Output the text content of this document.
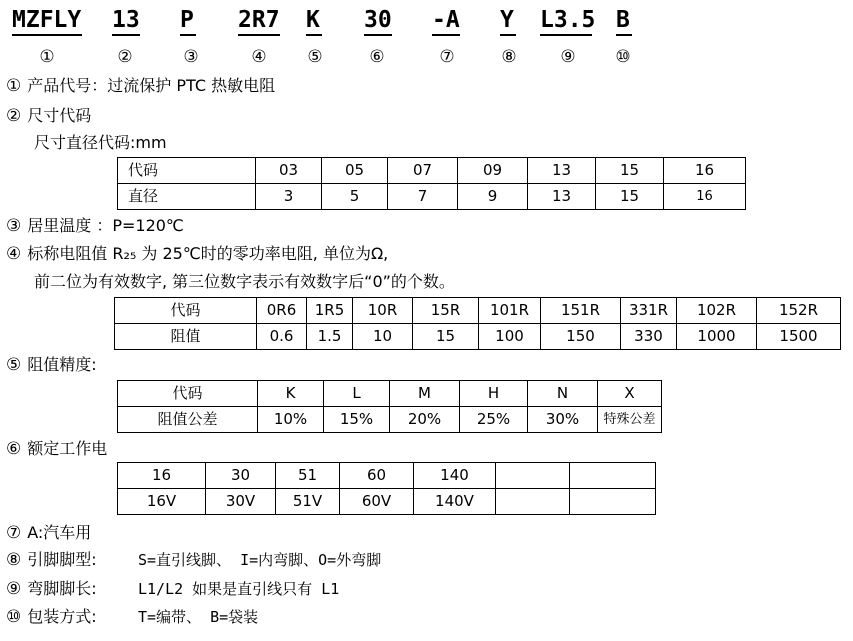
MZFLY 13 P 2R7 K 30 -A Y L3.5 B
①	②	③	④	⑤	⑥	⑦	⑧	⑨	⑩
① 产品代号：过流保护 PTC 热敏电阻
② 尺寸代码
尺寸直径代码:mm
代码	03	05	07	09	13	15	16
直径	3	5	7	9	13	15	16
③ 居里温度 ：P=120℃
④ 标称电阻值 R₂₅ 为 25℃时的零功率电阻, 单位为Ω,
前二位为有效数字, 第三位数字表示有效数字后“0”的个数。
代码	0R6	1R5	10R	15R	101R	151R	331R	102R	152R
阻值	0.6	1.5	10	15	100	150	330	1000	1500
⑤ 阻值精度:
代码	K	L	M	H	N	X
阻值公差	10%	15%	20%	25%	30%	特殊公差
⑥ 额定工作电
16	30	51	60	140		
16V	30V	51V	60V	140V		
⑦ A:汽车用
⑧ 引脚脚型:	S=直引线脚、 I=内弯脚、O=外弯脚
⑨ 弯脚脚长:	L1/L2 如果是直引线只有 L1
⑩ 包装方式:	T=编带、 B=袋装
